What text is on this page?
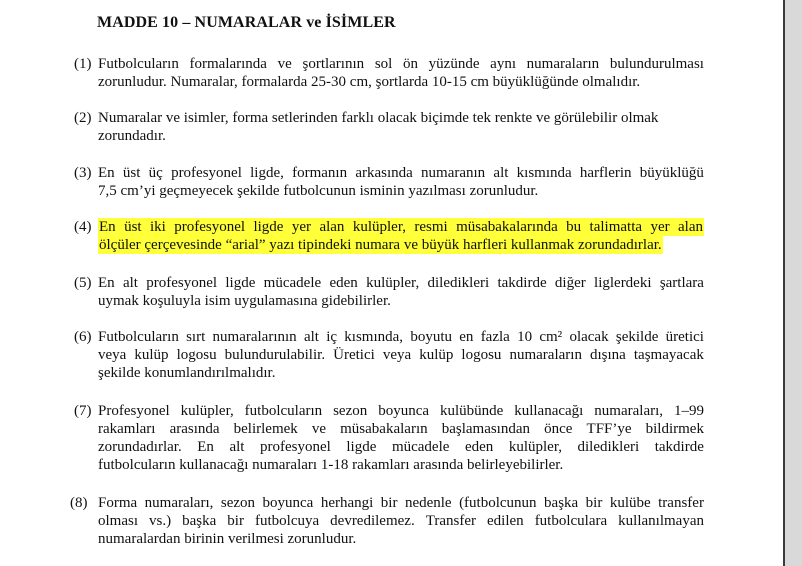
MADDE 10 – NUMARALAR ve İSİMLER
(1) Futbolcuların formalarında ve şortlarının sol ön yüzünde aynı numaraların bulundurulması
zorunludur. Numaralar, formalarda 25-30 cm, şortlarda 10-15 cm büyüklüğünde olmalıdır.
(2) Numaralar ve isimler, forma setlerinden farklı olacak biçimde tek renkte ve görülebilir olmak
zorundadır.
(3) En üst üç profesyonel ligde, formanın arkasında numaranın alt kısmında harflerin büyüklüğü
7,5 cm’yi geçmeyecek şekilde futbolcunun isminin yazılması zorunludur.
(4) En üst iki profesyonel ligde yer alan kulüpler, resmi müsabakalarında bu talimatta yer alan
ölçüler çerçevesinde “arial” yazı tipindeki numara ve büyük harfleri kullanmak zorundadırlar.
(5) En alt profesyonel ligde mücadele eden kulüpler, diledikleri takdirde diğer liglerdeki şartlara
uymak koşuluyla isim uygulamasına gidebilirler.
(6) Futbolcuların sırt numaralarının alt iç kısmında, boyutu en fazla 10 cm² olacak şekilde üretici
veya kulüp logosu bulundurulabilir. Üretici veya kulüp logosu numaraların dışına taşmayacak
şekilde konumlandırılmalıdır.
(7) Profesyonel kulüpler, futbolcuların sezon boyunca kulübünde kullanacağı numaraları, 1–99
rakamları arasında belirlemek ve müsabakaların başlamasından önce TFF’ye bildirmek
zorundadırlar. En alt profesyonel ligde mücadele eden kulüpler, diledikleri takdirde
futbolcuların kullanacağı numaraları 1-18 rakamları arasında belirleyebilirler.
(8) Forma numaraları, sezon boyunca herhangi bir nedenle (futbolcunun başka bir kulübe transfer
olması vs.) başka bir futbolcuya devredilemez. Transfer edilen futbolculara kullanılmayan
numaralardan birinin verilmesi zorunludur.
